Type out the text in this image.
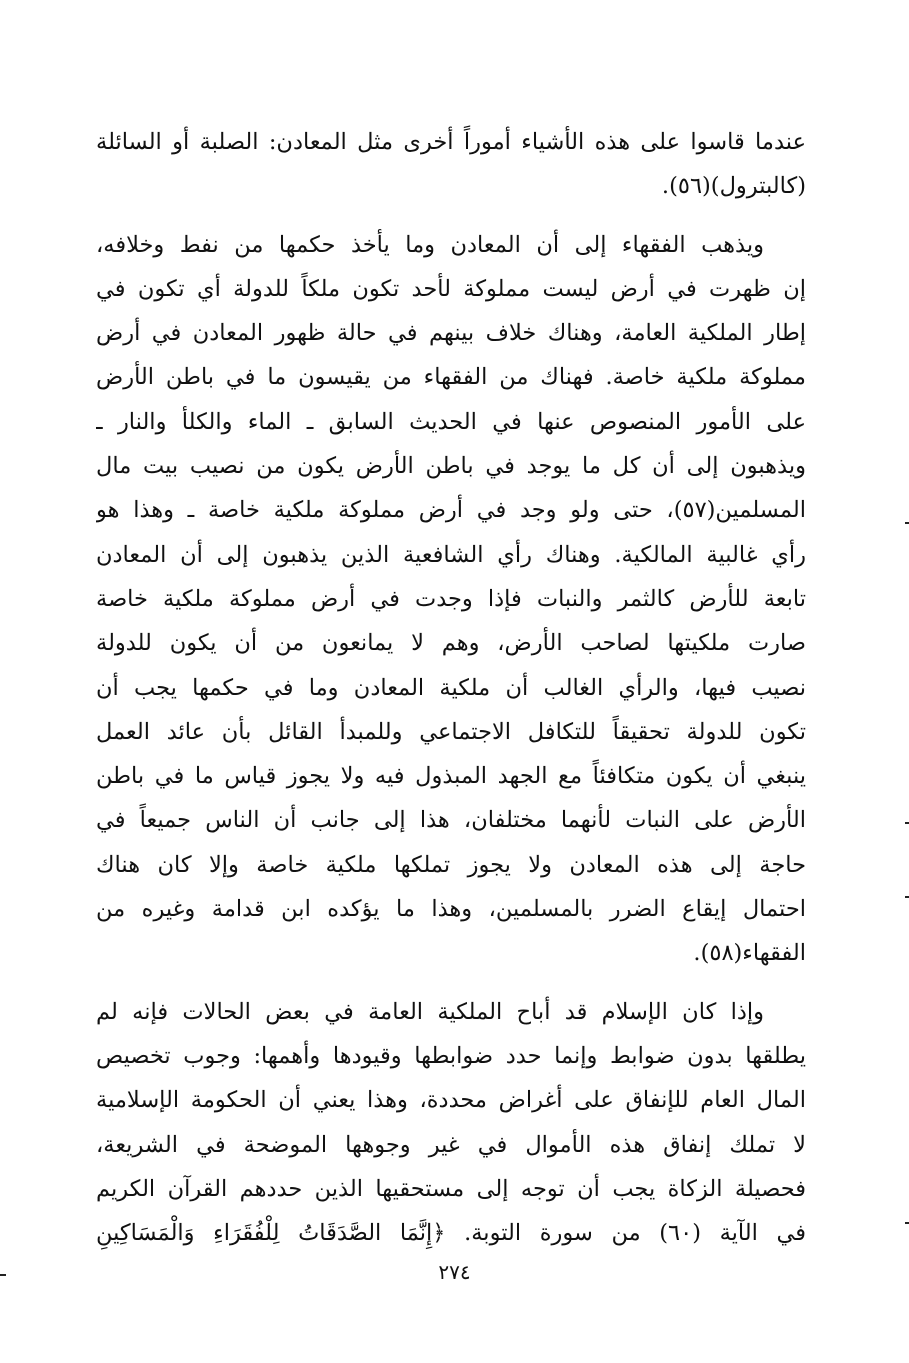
عندما قاسوا على هذه الأشياء أموراً أخرى مثل المعادن: الصلبة أو السائلة
(كالبترول)(٥٦).
ويذهب الفقهاء إلى أن المعادن وما يأخذ حكمها من نفط وخلافه،
إن ظهرت في أرض ليست مملوكة لأحد تكون ملكاً للدولة أي تكون في
إطار الملكية العامة، وهناك خلاف بينهم في حالة ظهور المعادن في أرض
مملوكة ملكية خاصة. فهناك من الفقهاء من يقيسون ما في باطن الأرض
على الأمور المنصوص عنها في الحديث السابق ـ الماء والكلأ والنار ـ
ويذهبون إلى أن كل ما يوجد في باطن الأرض يكون من نصيب بيت مال
المسلمين(٥٧)، حتى ولو وجد في أرض مملوكة ملكية خاصة ـ وهذا هو
رأي غالبية المالكية. وهناك رأي الشافعية الذين يذهبون إلى أن المعادن
تابعة للأرض كالثمر والنبات فإذا وجدت في أرض مملوكة ملكية خاصة
صارت ملكيتها لصاحب الأرض، وهم لا يمانعون من أن يكون للدولة
نصيب فيها، والرأي الغالب أن ملكية المعادن وما في حكمها يجب أن
تكون للدولة تحقيقاً للتكافل الاجتماعي وللمبدأ القائل بأن عائد العمل
ينبغي أن يكون متكافئاً مع الجهد المبذول فيه ولا يجوز قياس ما في باطن
الأرض على النبات لأنهما مختلفان، هذا إلى جانب أن الناس جميعاً في
حاجة إلى هذه المعادن ولا يجوز تملكها ملكية خاصة وإلا كان هناك
احتمال إيقاع الضرر بالمسلمين، وهذا ما يؤكده ابن قدامة وغيره من
الفقهاء(٥٨).
وإذا كان الإسلام قد أباح الملكية العامة في بعض الحالات فإنه لم
يطلقها بدون ضوابط وإنما حدد ضوابطها وقيودها وأهمها: وجوب تخصيص
المال العام للإنفاق على أغراض محددة، وهذا يعني أن الحكومة الإسلامية
لا تملك إنفاق هذه الأموال في غير وجوهها الموضحة في الشريعة،
فحصيلة الزكاة يجب أن توجه إلى مستحقيها الذين حددهم القرآن الكريم
في الآية (٦٠) من سورة التوبة. ﴿إِنَّمَا الصَّدَقَاتُ لِلْفُقَرَاءِ وَالْمَسَاكِينِ
٢٧٤
